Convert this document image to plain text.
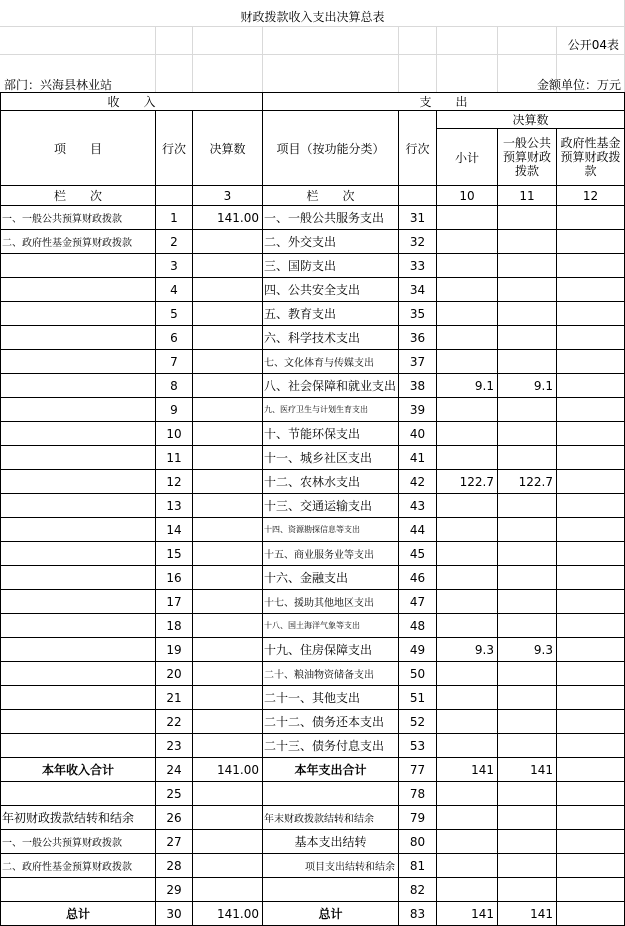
财政拨款收入支出决算总表
公开04表
部门：兴海县林业站	金额单位：万元
收　　入			支　　出				
项　　目	行次	决算数	项目（按功能分类）	行次	决算数		
					小计	一般公共预算财政拨款	政府性基金预算财政拨款
栏　　次		3	栏　　次		10	11	12
一、一般公共预算财政拨款	1	141.00	一、一般公共服务支出	31			
二、政府性基金预算财政拨款	2		二、外交支出	32			
	3		三、国防支出	33			
	4		四、公共安全支出	34			
	5		五、教育支出	35			
	6		六、科学技术支出	36			
	7		七、文化体育与传媒支出	37			
	8		八、社会保障和就业支出	38	9.1	9.1	
	9		九、医疗卫生与计划生育支出	39			
	10		十、节能环保支出	40			
	11		十一、城乡社区支出	41			
	12		十二、农林水支出	42	122.7	122.7	
	13		十三、交通运输支出	43			
	14		十四、资源勘探信息等支出	44			
	15		十五、商业服务业等支出	45			
	16		十六、金融支出	46			
	17		十七、援助其他地区支出	47			
	18		十八、国土海洋气象等支出	48			
	19		十九、住房保障支出	49	9.3	9.3	
	20		二十、粮油物资储备支出	50			
	21		二十一、其他支出	51			
	22		二十二、债务还本支出	52			
	23		二十三、债务付息支出	53			
本年收入合计	24	141.00	本年支出合计	77	141	141	
	25			78			
年初财政拨款结转和结余	26		年末财政拨款结转和结余	79			
一、一般公共预算财政拨款	27		基本支出结转	80			
二、政府性基金预算财政拨款	28		项目支出结转和结余	81			
	29			82			
总计	30	141.00	总计	83	141	141	
